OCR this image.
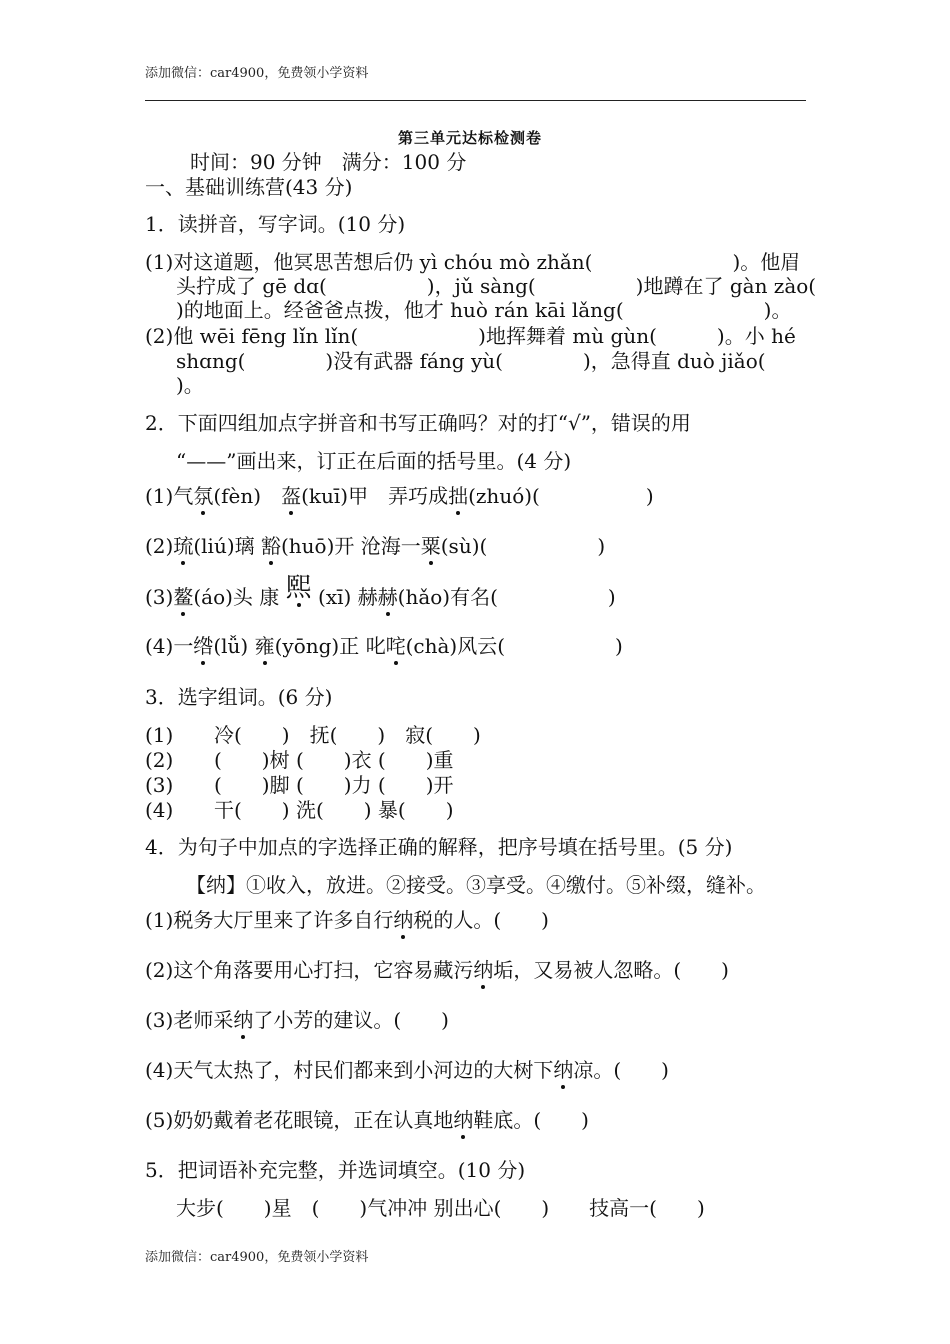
添加微信：car4900，免费领小学资料
第三单元达标检测卷
时间：90 分钟　满分：100 分
一、基础训练营(43 分)
1．读拼音，写字词。(10 分)
(1)对这道题，他冥思苦想后仍 yì chóu mò zhǎn(　　　　　　　)。他眉
头拧成了 gē dɑ(　　　　　)，jǔ sàng(　　　　　)地蹲在了 gàn zào(
)的地面上。经爸爸点拨，他才 huò rán kāi lǎng(　　　　　　　)。
(2)他 wēi fēng lǐn lǐn(　　　　　　)地挥舞着 mù gùn(　　　)。小 hé
shɑng(　　　　)没有武器 fáng yù(　　　　)，急得直 duò jiǎo(
)。
2．下面四组加点字拼音和书写正确吗？对的打“√”，错误的用
“——”画出来，订正在后面的括号里。(4 分)
(1)气氛(fèn)　盔(kuī)甲　弄巧成拙(zhuó)(	)
(2)琉(liú)璃 豁(huō)开 沧海一粟(sù)(	)
(3)鳌(áo)头 康 熙 (xī) 赫赫(hǎo)有名(	)
(4)一绺(lǚ) 雍(yōng)正 叱咤(chà)风云(	)
3．选字组词。(6 分)
(1) 冷(　　)　抚(　　)　寂(　　)
(2) (　　)树 (　　)衣 (　　)重
(3) (　　)脚 (　　)力 (　　)开
(4) 干(　　) 洗(　　) 暴(　　)
4．为句子中加点的字选择正确的解释，把序号填在括号里。(5 分)
【纳】①收入，放进。②接受。③享受。④缴付。⑤补缀，缝补。
(1)税务大厅里来了许多自行纳税的人。(　　)
(2)这个角落要用心打扫，它容易藏污纳垢，又易被人忽略。(　　)
(3)老师采纳了小芳的建议。(　　)
(4)天气太热了，村民们都来到小河边的大树下纳凉。(　　)
(5)奶奶戴着老花眼镜，正在认真地纳鞋底。(　　)
5．把词语补充完整，并选词填空。(10 分)
大步(　　)星　(　　)气冲冲 别出心(　　)　　技高一(　　)
添加微信：car4900，免费领小学资料
